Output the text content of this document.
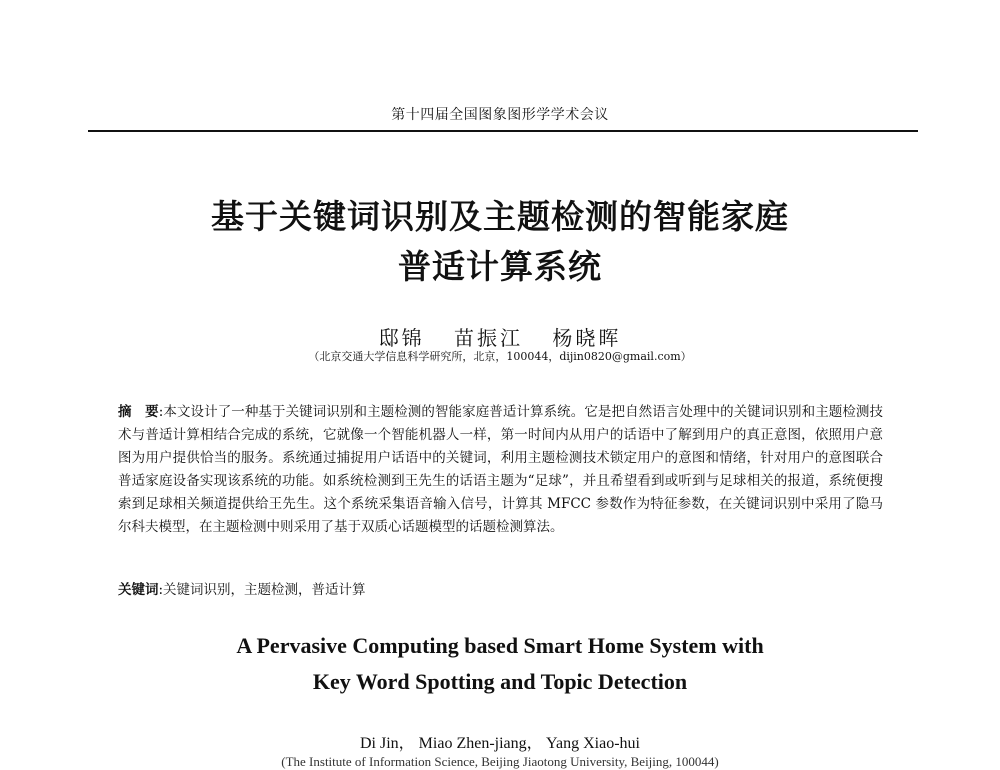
第十四届全国图象图形学学术会议
基于关键词识别及主题检测的智能家庭
普适计算系统
邸锦 苗振江 杨晓晖
（北京交通大学信息科学研究所，北京，100044，dijin0820@gmail.com）
摘　要:本文设计了一种基于关键词识别和主题检测的智能家庭普适计算系统。它是把自然语言处理中的关键词识别和主题检测技术与普适计算相结合完成的系统，它就像一个智能机器人一样，第一时间内从用户的话语中了解到用户的真正意图，依照用户意图为用户提供恰当的服务。系统通过捕捉用户话语中的关键词，利用主题检测技术锁定用户的意图和情绪，针对用户的意图联合普适家庭设备实现该系统的功能。如系统检测到王先生的话语主题为“足球”，并且希望看到或听到与足球相关的报道，系统便搜索到足球相关频道提供给王先生。这个系统采集语音输入信号，计算其 MFCC 参数作为特征参数，在关键词识别中采用了隐马尔科夫模型，在主题检测中则采用了基于双质心话题模型的话题检测算法。
关键词:关键词识别，主题检测，普适计算
A Pervasive Computing based Smart Home System with
Key Word Spotting and Topic Detection
Di Jin， Miao Zhen-jiang， Yang Xiao-hui
(The Institute of Information Science, Beijing Jiaotong University, Beijing, 100044)
